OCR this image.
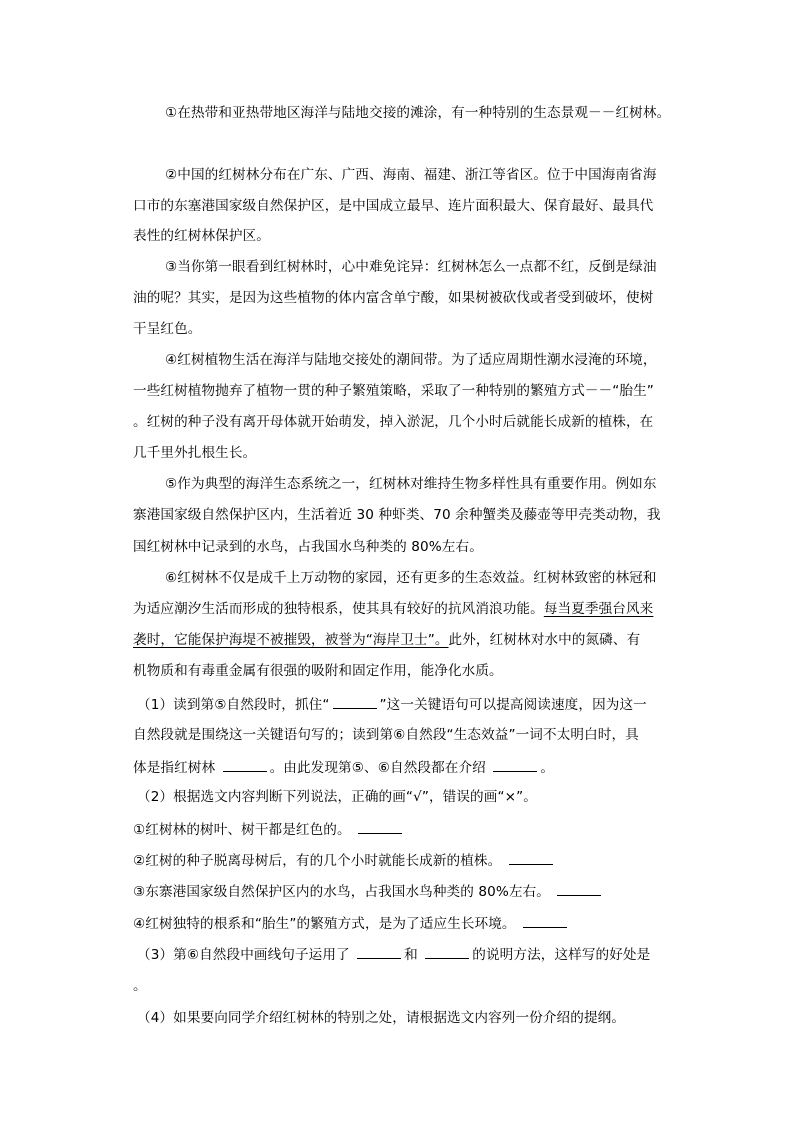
①在热带和亚热带地区海洋与陆地交接的滩涂，有一种特别的生态景观－－红树林。
②中国的红树林分布在广东、广西、海南、福建、浙江等省区。位于中国海南省海
口市的东塞港国家级自然保护区，是中国成立最早、连片面积最大、保育最好、最具代
表性的红树林保护区。
③当你第一眼看到红树林时，心中难免诧异：红树林怎么一点都不红，反倒是绿油
油的呢？其实，是因为这些植物的体内富含单宁酸，如果树被砍伐或者受到破坏，使树
干呈红色。
④红树植物生活在海洋与陆地交接处的潮间带。为了适应周期性潮水浸淹的环境，
一些红树植物抛弃了植物一贯的种子繁殖策略，采取了一种特别的繁殖方式－－“胎生”
。红树的种子没有离开母体就开始萌发，掉入淤泥，几个小时后就能长成新的植株，在
几千里外扎根生长。
⑤作为典型的海洋生态系统之一，红树林对维持生物多样性具有重要作用。例如东
寨港国家级自然保护区内，生活着近 30 种虾类、70 余种蟹类及藤壶等甲壳类动物，我
国红树林中记录到的水鸟，占我国水鸟种类的 80%左右。
⑥红树林不仅是成千上万动物的家园，还有更多的生态效益。红树林致密的林冠和
为适应潮汐生活而形成的独特根系，使其具有较好的抗风消浪功能。每当夏季强台风来
袭时，它能保护海堤不被摧毁，被誉为“海岸卫士”。此外，红树林对水中的氮磷、有
机物质和有毒重金属有很强的吸附和固定作用，能净化水质。
（1）读到第⑤自然段时，抓住“	”这一关键语句可以提高阅读速度，因为这一
自然段就是围绕这一关键语句写的；读到第⑥自然段“生态效益”一词不太明白时，具
体是指红树林	。由此发现第⑤、⑥自然段都在介绍	。
（2）根据选文内容判断下列说法，正确的画“√”，错误的画“×”。
①红树林的树叶、树干都是红色的。
②红树的种子脱离母树后，有的几个小时就能长成新的植株。
③东寨港国家级自然保护区内的水鸟，占我国水鸟种类的 80%左右。
④红树独特的根系和“胎生”的繁殖方式，是为了适应生长环境。
（3）第⑥自然段中画线句子运用了	和	的说明方法，这样写的好处是
。
（4）如果要向同学介绍红树林的特别之处，请根据选文内容列一份介绍的提纲。
